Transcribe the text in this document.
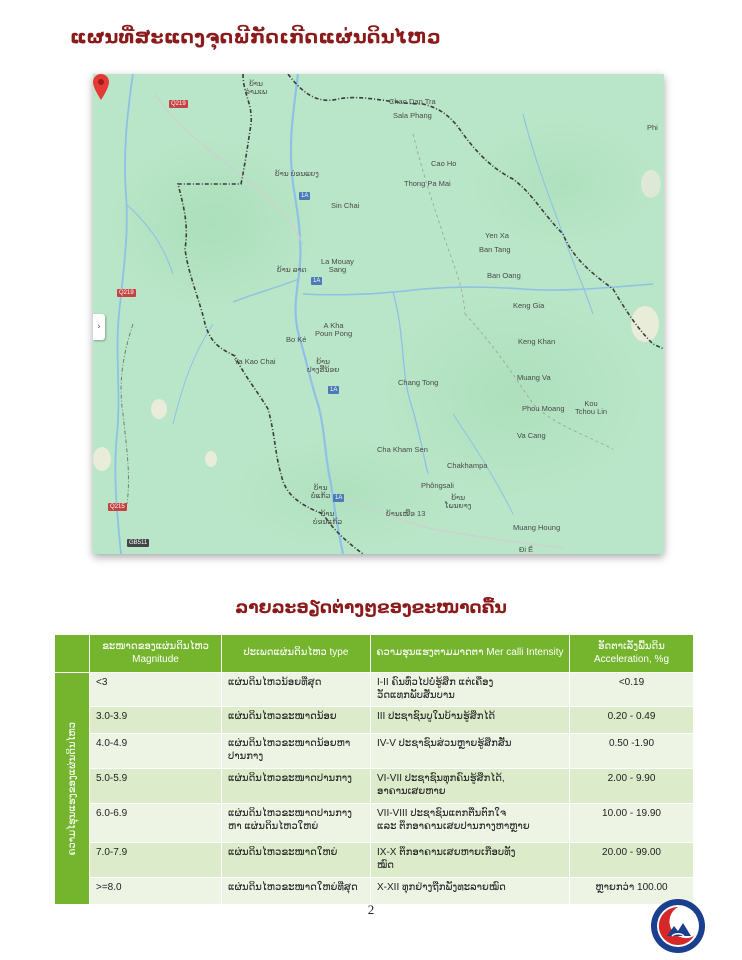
ແຜນທີ່ສະແດງຈຸດພີກັດເກີດແຜ່ນດິນໄຫວ
›
Q219
1A
Q219
1A
1A
1A
Q215
GB511
Chao Dan Tra
Sala Phang
Cao Ho
Thong Pa Mai
Sin Chai
Yen Xa
Ban Tang
La Mouay
Sang
Ban Oang
Keng Gia
Bo Ké
A Kha
Poun Pong
Keng Khan
Ya Kao Chai
Chang Tong
Muang Va
Phou Moang
Kou
Tchou Lin
Va Cang
Cha Kham Sen
Chakhampa
Phôngsali
ບ້ານເໜືອ 13
Muang Houng
ບ້ານ
ລ່າມເພ
ບ້ານ ບ່ອນແຍງ
ບ້ານ ລາດ
ບ້ານ
ປາງຮີ່ນ້ອຍ
ບ້ານ
ບໍ່ແກ້ວ
ບ້ານ
ບ່ອນແກ້ວ
ບ້ານ
ໂພນຍາງ
Phi
Đi Ế
ລາຍລະອຽດຕ່າງໆຂອງຂະໜາດຄື້ນ
	ຂະໜາດຂອງແຜ່ນດິນໄຫວ
Magnitude	ປະເພດແຜ່ນດິນໄຫວ type	ຄວາມຮຸນແຮງຕາມມາດຕາ Mer calli Intensity	ອັດຕາເລັ່ງພື້ນດິນ
Acceleration, %g

ຄວາມໄຮຸນແຮງຂອງແຜ່ນດິນໄຫວ	<3	ແຜ່ນດິນໄຫວນ້ອຍທີ່ສຸດ	I-II ຄົນທົ່ວໄປບໍ່ຮູ້ສຶກ ແຕ່ເຄື່ອງ
ວັດແທກພັບສັ່ນບານ	<0.19
	3.0-3.9	ແຜ່ນດິນໄຫວຂະໜາດນ້ອຍ	III ປະຊາຊົນບູໃນບ້ານຮູ້ສຶກໄດ້	0.20 - 0.49
	4.0-4.9	ແຜ່ນດິນໄຫວຂະໜາດນ້ອຍຫາ
ປານກາງ	IV-V ປະຊາຊົນສ່ວນຫຼາຍຮູ້ສຶກສັ່ນ	0.50 -1.90
	5.0-5.9	ແຜ່ນດິນໄຫວຂະໜາດປານກາງ	VI-VII ປະຊາຊົນທຸກຄົນຮູ້ສຶກໄດ້,
ອາຄານເສຍຫາຍ	2.00 - 9.90
	6.0-6.9	ແຜ່ນດິນໄຫວຂະໜາດປານກາງ
ຫາ ແຜ່ນດິນໄຫວໃຫຍ່	VII-VIII ປະຊາຊົນແຕກຕື່ນຕົກໃຈ
ແລະ ຕຶກອາຄານເສຍປານກາງຫາຫຼາຍ	10.00 - 19.90
	7.0-7.9	ແຜ່ນດິນໄຫວຂະໜາດໃຫຍ່	IX-X ຕຶກອາຄານເສຍຫາຍເກືອບທັງ
ໝົດ	20.00 - 99.00
	>=8.0	ແຜ່ນດິນໄຫວຂະໜາດໃຫຍ່ທີ່ສຸດ	X-XII ທຸກຢ່າງຖືກພັງທະລາຍໝົດ	ຫຼາຍກວ່າ 100.00
2
